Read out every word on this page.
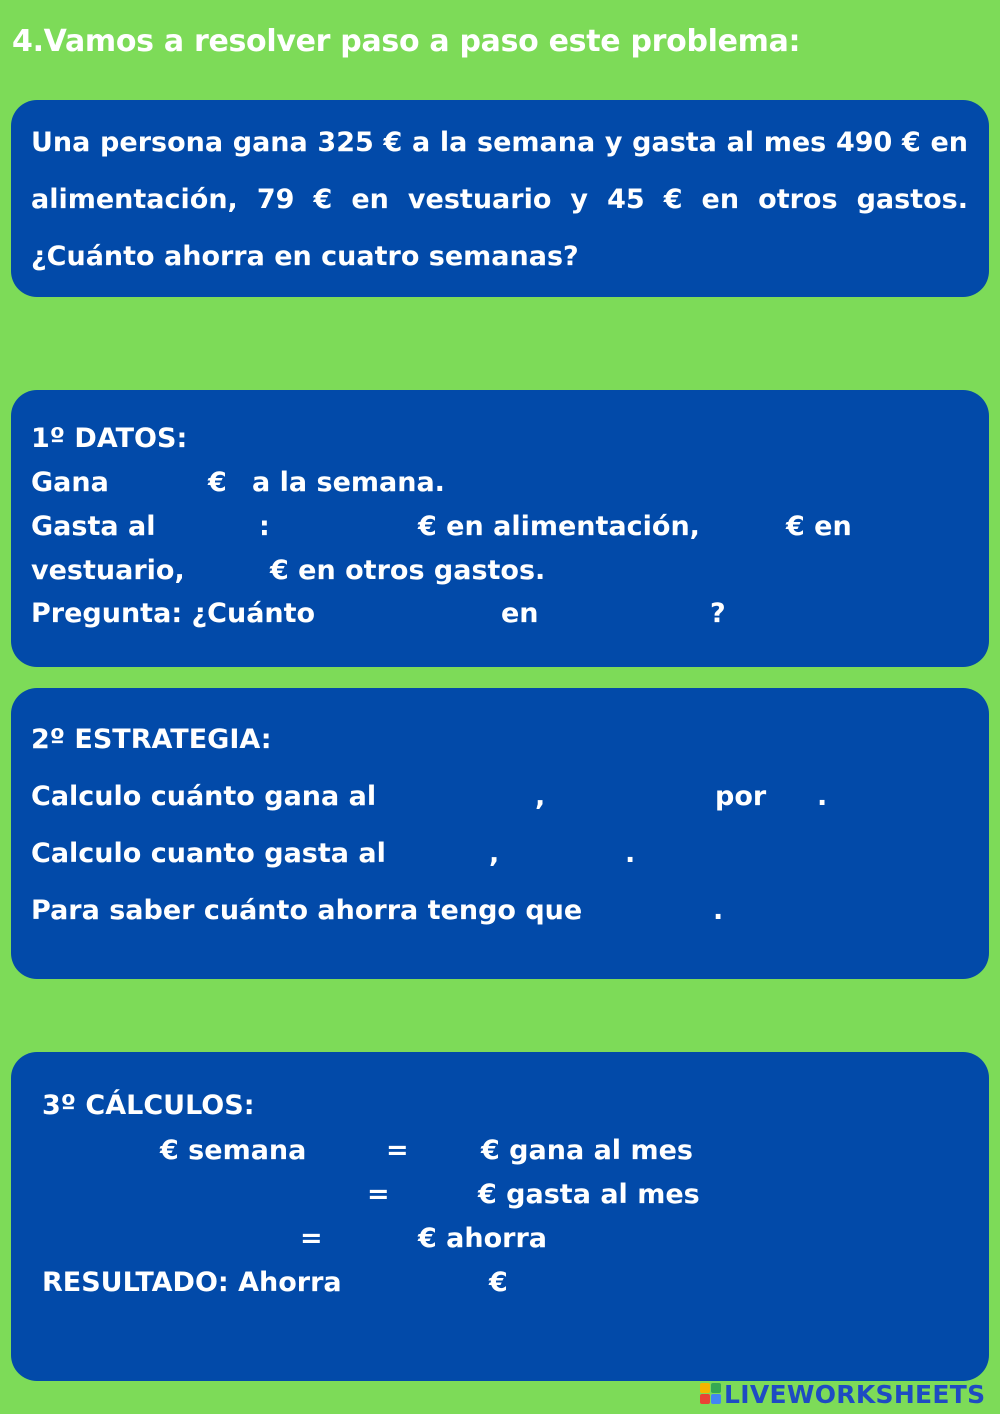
4.Vamos a resolver paso a paso este problema:

Una persona gana 325 € a la semana y gasta al mes 490 € en alimentación, 79 € en vestuario y 45 € en otros gastos. ¿Cuánto ahorra en cuatro semanas?

1º DATOS:
Gana	€ a la semana.
Gasta al	:	€ en alimentación,	€ en
vestuario,	€ en otros gastos.
Pregunta: ¿Cuánto	en	?
2º ESTRATEGIA:
Calculo cuánto gana al	,	por .
Calculo cuanto gasta al	,	.
Para saber cuánto ahorra tengo que	.
3º CÁLCULOS:
€ semana	=	€ gana al mes
=	€ gasta al mes
=	€ ahorra
RESULTADO: Ahorra	€
LIVEWORKSHEETS
